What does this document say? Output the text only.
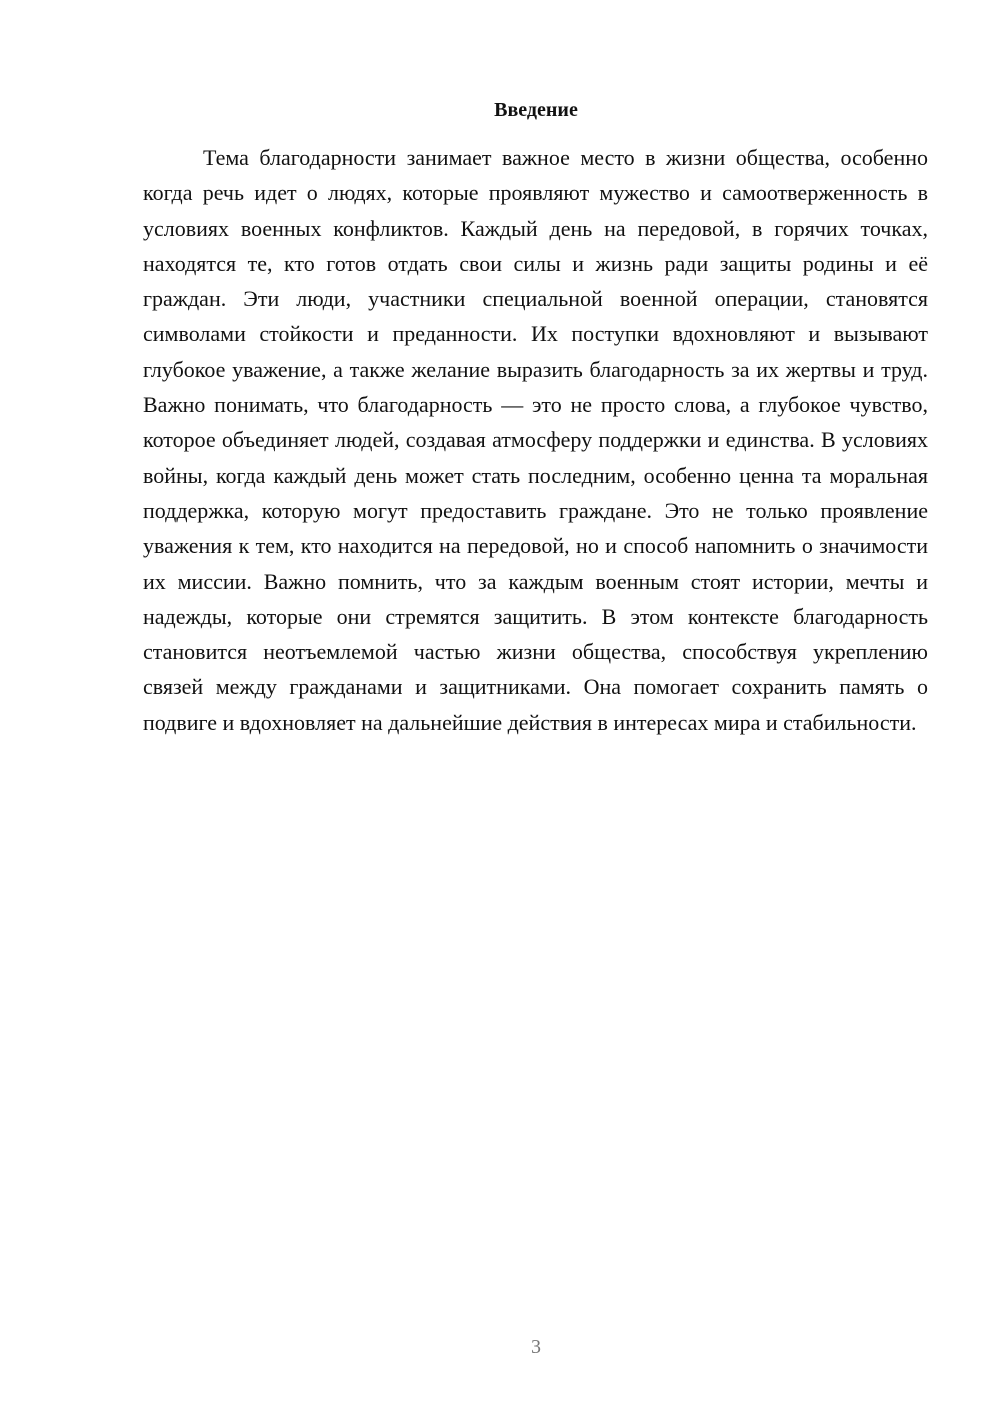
Введение

Тема благодарности занимает важное место в жизни общества, особенно когда речь идет о людях, которые проявляют мужество и самоотверженность в условиях военных конфликтов. Каждый день на передовой, в горячих точках, находятся те, кто готов отдать свои силы и жизнь ради защиты родины и её граждан. Эти люди, участники специальной военной операции, становятся символами стойкости и преданности. Их поступки вдохновляют и вызывают глубокое уважение, а также желание выразить благодарность за их жертвы и труд. Важно понимать, что благодарность — это не просто слова, а глубокое чувство, которое объединяет людей, создавая атмосферу поддержки и единства. В условиях войны, когда каждый день может стать последним, особенно ценна та моральная поддержка, которую могут предоставить граждане. Это не только проявление уважения к тем, кто находится на передовой, но и способ напомнить о значимости их миссии. Важно помнить, что за каждым военным стоят истории, мечты и надежды, которые они стремятся защитить. В этом контексте благодарность становится неотъемлемой частью жизни общества, способствуя укреплению связей между гражданами и защитниками. Она помогает сохранить память о подвиге и вдохновляет на дальнейшие действия в интересах мира и стабильности.

3
